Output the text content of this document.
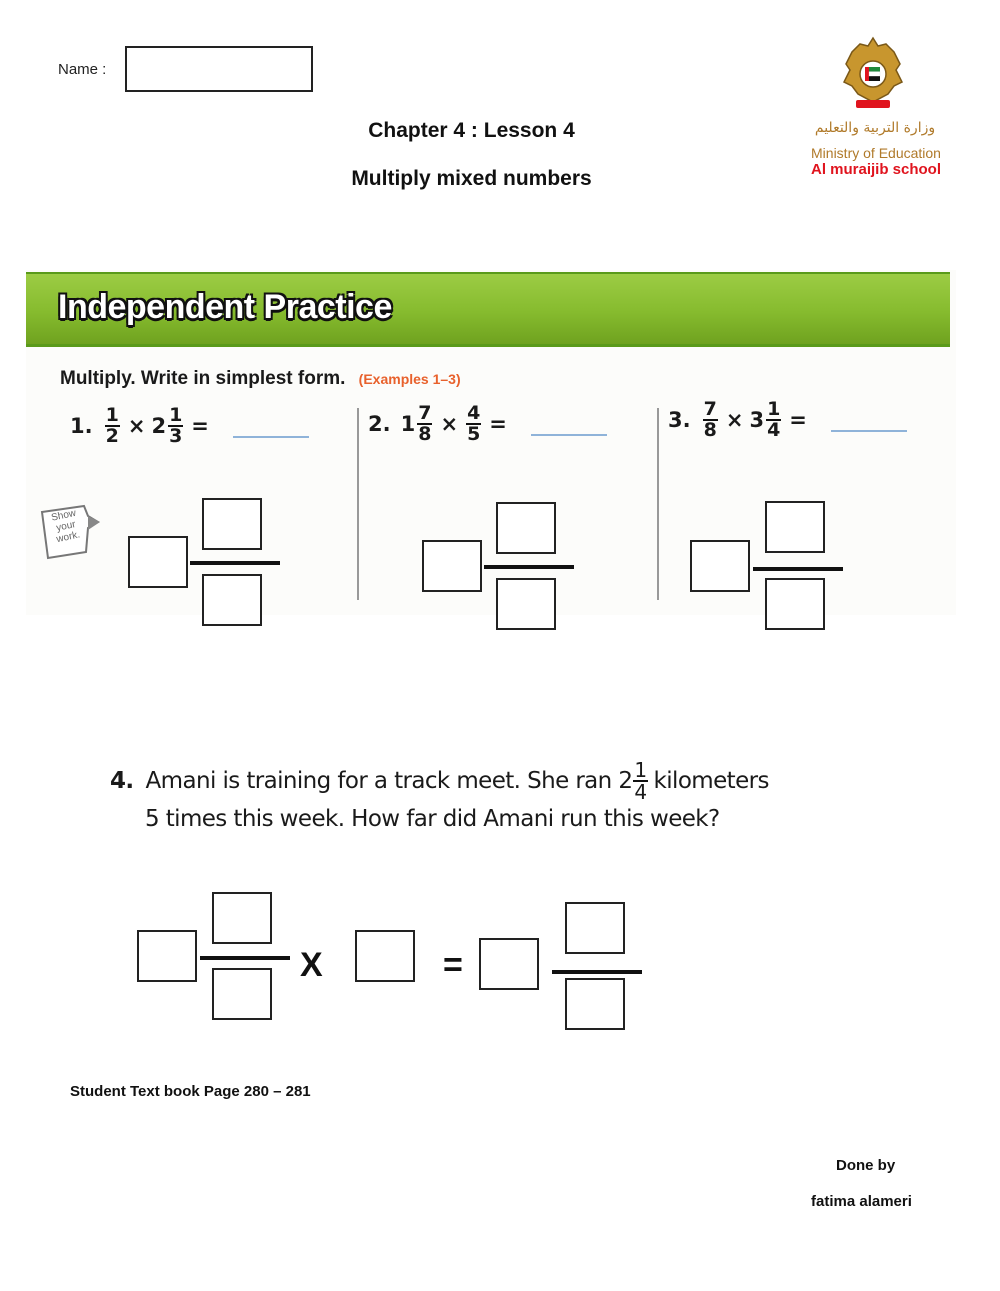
Name :
Chapter 4 : Lesson 4
Multiply mixed numbers
وزارة التربية والتعليم
Ministry of Education
Al muraijib school
Independent Practice
Multiply. Write in simplest form. (Examples 1–3)
1. $\frac{1}{2} \times 2 \frac{1}{3}$ =	2. $1 \frac{7}{8} \times \frac{4}{5}$ =	3. $\frac{7}{8} \times 3 \frac{1}{4}$ =
Show your work.
4. Amani is training for a track meet. She ran $2 \frac{1}{4}$ kilometers
5 times this week. How far did Amani run this week?
X	=
Student Text book Page 280 – 281
Done by
fatima alameri
